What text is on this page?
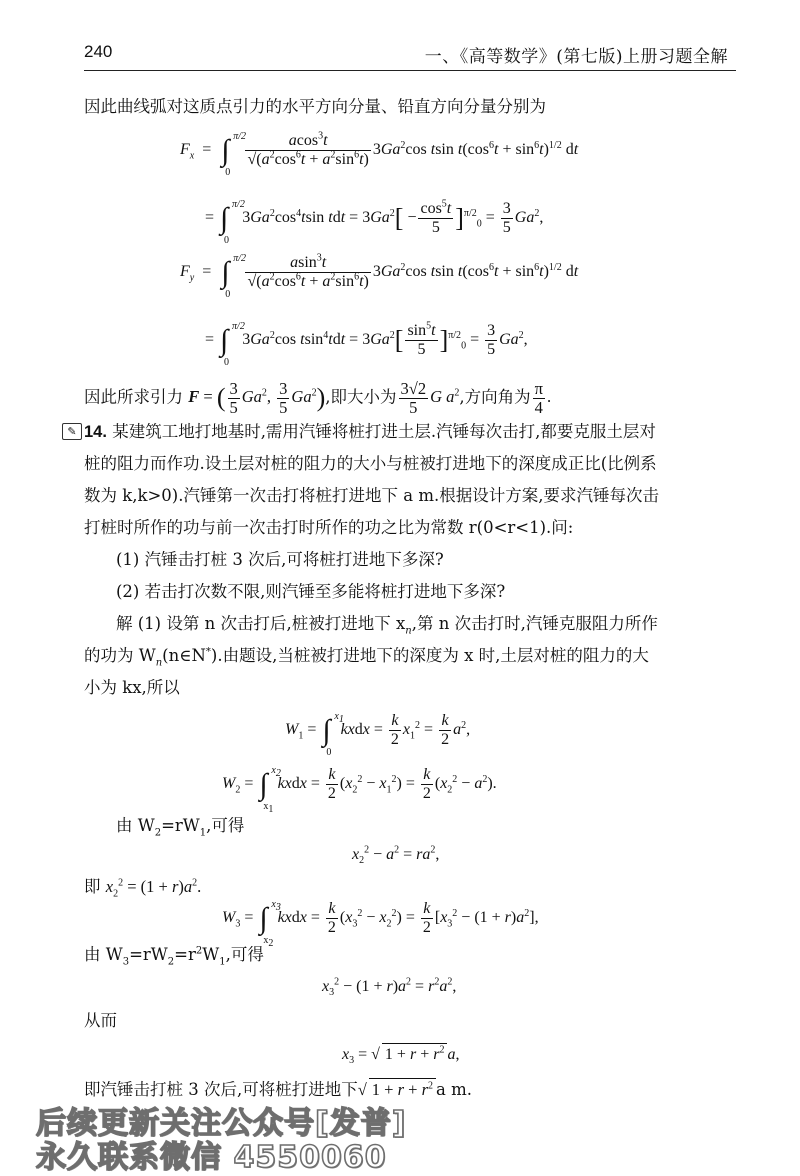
240	一、《高等数学》(第七版)上册习题全解
因此曲线弧对这质点引力的水平方向分量、铅直方向分量分别为
$F_x$  =  ∫ π/2
0

$\frac{acos^3t}{√(a^2\cos^6t + a^2\sin^6t)} 3Ga^2\cos$ tsin $t(\cos^6t + \sin^6t)^{1/2}$ dt
= ∫ π/2
0
$3Ga^2\cos^4tsin$ tdt = $3Ga^2[ - \frac{\cos^5t}{5} ]^{\pi/2}_0 = \frac{3}{5} Ga^2$,
$F_y$  =  ∫ π/2
0

$\frac{asin^3t}{√(a^2\cos^6t + a^2\sin^6t)} 3Ga^2\cos$ tsin $t(\cos^6t + \sin^6t)^{1/2}$ dt
= ∫ π/2
0
3Ga$^2$cos $tsin^4tdt = 3Ga^2[ \frac{\sin^5t}{5} ]^{\pi/2}_0 = \frac{3}{5} Ga^2$,
因此所求引力 F = ( $\frac{3}{5} Ga^2$, $\frac{3}{5} Ga^2$),即大小为 $\frac{3√2}{5}$ G $a^2$,方向角为 $\frac{\pi}{4}$ .
✎ 14. 某建筑工地打地基时,需用汽锤将桩打进土层.汽锤每次击打,都要克服土层对
桩的阻力而作功.设土层对桩的阻力的大小与桩被打进地下的深度成正比(比例系
数为 k,k>0).汽锤第一次击打将桩打进地下 a m.根据设计方案,要求汽锤每次击
打桩时所作的功与前一次击打时所作的功之比为常数 r(0<r<1).问:
(1) 汽锤击打桩 3 次后,可将桩打进地下多深?
(2) 若击打次数不限,则汽锤至多能将桩打进地下多深?
解 (1) 设第 n 次击打后,桩被打进地下 $x_n$,第 n 次击打时,汽锤克服阻力所作
的功为 $W_n(n\in N^*)$.由题设,当桩被打进地下的深度为 x 时,土层对桩的阻力的大
小为 kx,所以
$W_1$ = ∫ $x_1$
0
kxdx = $\frac{k}{2} x_1^2 = \frac{k}{2} a^2$,
$W_2$ = ∫ $x_2$
$x_1$
kxdx = $\frac{k}{2} (x_2^2 - x_1^2) = \frac{k}{2} (x_2^2 - a^2)$.
由 $W_2=rW_1$,可得
$x_2^2 - a^2 = ra^2$,
即 $x_2^2 = (1 + r)a^2$.
$W_3$ = ∫ $x_3$
$x_2$
kxdx = $\frac{k}{2} (x_3^2 - x_2^2) = \frac{k}{2} [x_3^2 - (1 + r)a^2]$,
由 $W_3=rW_2=r^2W_1$,可得
$x_3^2 - (1 + r)a^2 = r^2a^2$,
从而
$x_3$ = √ $1 + r + r^2$ a,
即汽锤击打桩 3 次后,可将桩打进地下√ $1 + r + r^2$ a m.
后续更新关注公众号[发普]
永久联系微信 4550060
